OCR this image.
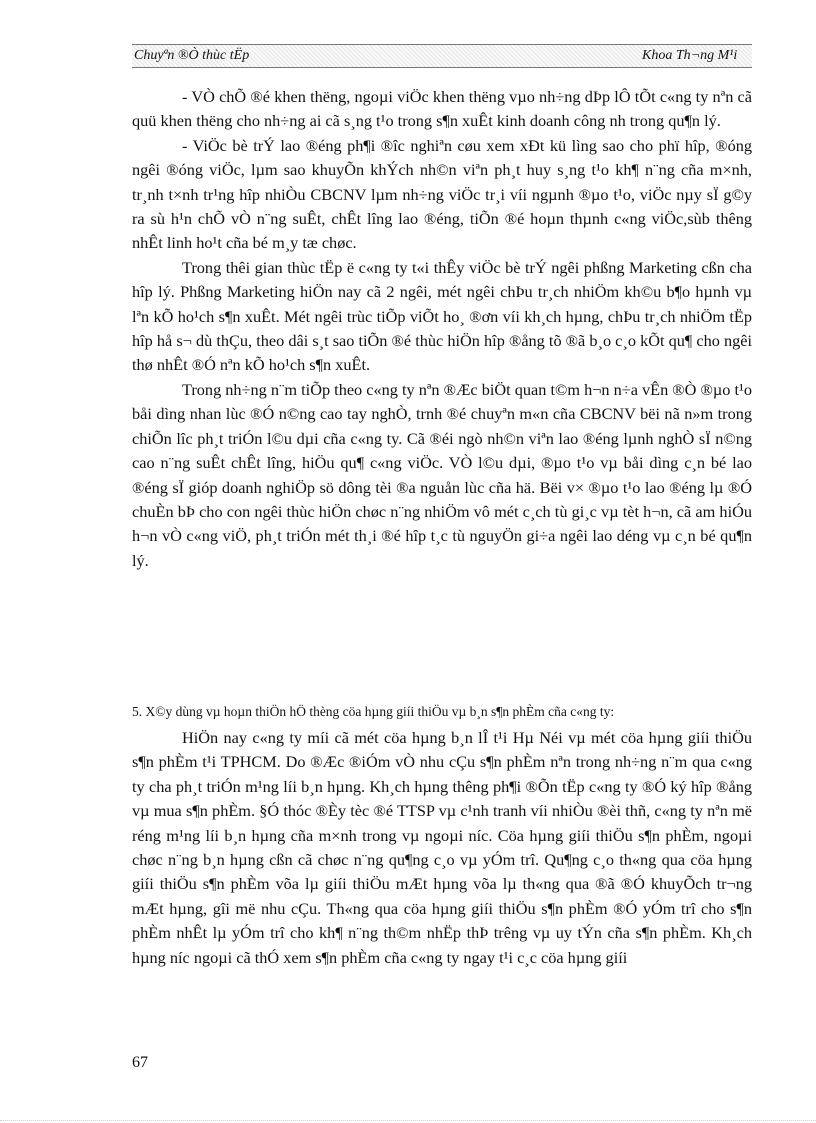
Chuyªn ®Ò thùc tËp	Khoa Th¬ng M¹i

- VÒ chÕ ®é khen thëng, ngoµi viÖc khen thëng vµo nh÷ng dÞp lÔ tÕt c«ng ty nªn cã quü khen thëng cho nh÷ng ai cã s¸ng t¹o trong s¶n xuÊt kinh doanh công nh trong qu¶n lý.

- ViÖc bè trÝ lao ®éng ph¶i ®îc nghiªn cøu xem xÐt kü lìng sao cho phï hîp, ®óng ngêi ®óng viÖc, lµm sao khuyÕn khÝch nh©n viªn ph¸t huy s¸ng t¹o kh¶ n¨ng cña m×nh, tr¸nh t×nh tr¹ng hîp nhiÒu CBCNV lµm nh÷ng viÖc tr¸i víi ngµnh ®µo t¹o, viÖc nµy sÏ g©y ra sù h¹n chÕ vÒ n¨ng suÊt, chÊt lîng lao ®éng, tiÕn ®é hoµn thµnh c«ng viÖc,sùb thêng nhÊt linh ho¹t cña bé m¸y tæ chøc.

Trong thêi gian thùc tËp ë c«ng ty t«i thÊy viÖc bè trÝ ngêi phßng Marketing cßn cha hîp lý. Phßng Marketing hiÖn nay cã 2 ngêi, mét ngêi chÞu tr¸ch nhiÖm kh©u b¶o hµnh vµ lªn kÕ ho¹ch s¶n xuÊt. Mét ngêi trùc tiÕp viÕt ho¸ ®ơn víi kh¸ch hµng, chÞu tr¸ch nhiÖm tËp hîp hå s¬ dù thÇu, theo dâi s¸t sao tiÕn ®é thùc hiÖn hîp ®ång tõ ®ã b¸o c¸o kÕt qu¶ cho ngêi thø nhÊt ®Ó nªn kÕ ho¹ch s¶n xuÊt.

Trong nh÷ng n¨m tiÕp theo c«ng ty nªn ®Æc biÖt quan t©m h¬n n÷a vÊn ®Ò ®µo t¹o båi dìng nhan lùc ®Ó n©ng cao tay nghÒ, trnh ®é chuyªn m«n cña CBCNV bëi nã n»m trong chiÕn lîc ph¸t triÓn l©u dµi cña c«ng ty. Cã ®éi ngò nh©n viªn lao ®éng lµnh nghÒ sÏ n©ng cao n¨ng suÊt chÊt lîng, hiÖu qu¶ c«ng viÖc. VÒ l©u dµi, ®µo t¹o vµ båi dìng c¸n bé lao ®éng sÏ gióp doanh nghiÖp sö dông tèi ®a nguån lùc cña hä. Bëi v× ®µo t¹o lao ®éng lµ ®Ó chuÈn bÞ cho con ngêi thùc hiÖn chøc n¨ng nhiÖm vô mét c¸ch tù gi¸c vµ tèt h¬n, cã am hiÓu h¬n vÒ c«ng viÖ, ph¸t triÓn mét th¸i ®é hîp t¸c tù nguyÖn gi÷a ngêi lao déng vµ c¸n bé qu¶n lý.

5. X©y dùng vµ hoµn thiÖn hÖ thèng cöa hµng giíi thiÖu vµ b¸n s¶n phÈm cña c«ng ty:

HiÖn nay c«ng ty míi cã mét cöa hµng b¸n lÎ t¹i Hµ Néi vµ mét cöa hµng giíi thiÖu s¶n phÈm t¹i TPHCM. Do ®Æc ®iÓm vÒ nhu cÇu s¶n phÈm nªn trong nh÷ng n¨m qua c«ng ty cha ph¸t triÓn m¹ng líi b¸n hµng. Kh¸ch hµng thêng ph¶i ®Õn tËp c«ng ty ®Ó ký hîp ®ång vµ mua s¶n phÈm. §Ó thóc ®Èy tèc ®é TTSP vµ c¹nh tranh víi nhiÒu ®èi thñ, c«ng ty nªn më réng m¹ng líi b¸n hµng cña m×nh trong vµ ngoµi níc. Cöa hµng giíi thiÖu s¶n phÈm, ngoµi chøc n¨ng b¸n hµng cßn cã chøc n¨ng qu¶ng c¸o vµ yÓm trî. Qu¶ng c¸o th«ng qua cöa hµng giíi thiÖu s¶n phÈm võa lµ giíi thiÖu mÆt hµng võa lµ th«ng qua ®ã ®Ó khuyÕch tr¬ng mÆt hµng, gîi më nhu cÇu. Th«ng qua cöa hµng giíi thiÖu s¶n phÈm ®Ó yÓm trî cho s¶n phÈm nhÊt lµ yÓm trî cho kh¶ n¨ng th©m nhËp thÞ trêng vµ uy tÝn cña s¶n phÈm. Kh¸ch hµng níc ngoµi cã thÓ xem s¶n phÈm cña c«ng ty ngay t¹i c¸c cöa hµng giíi

67
